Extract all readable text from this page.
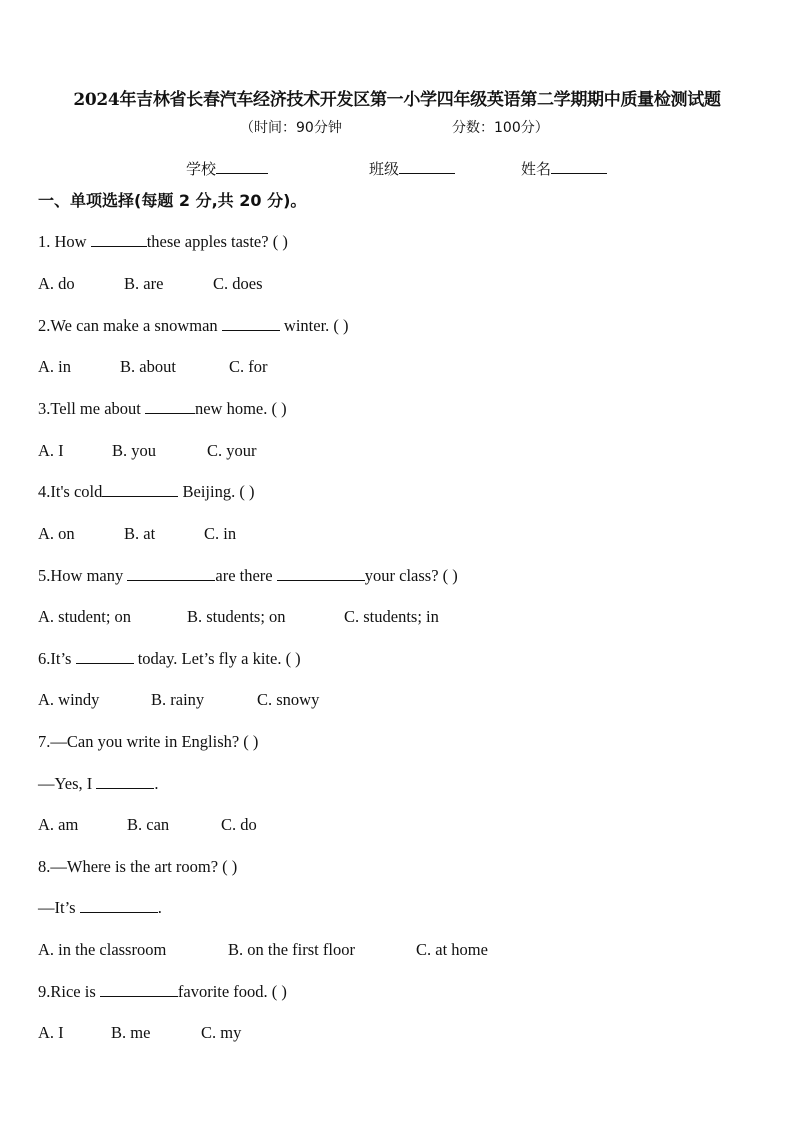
2024年吉林省长春汽车经济技术开发区第一小学四年级英语第二学期期中质量检测试题
（时间：90分钟	分数：100分）
学校	班级	姓名
一、单项选择(每题 2 分,共 20 分)。
1. How	these apples taste? ( )
A. do	B. are	C. does
2.We can make a snowman	winter. ( )
A. in	B. about	C. for
3.Tell me about	new home. ( )
A. I	B. you	C. your
4.It's cold	Beijing. ( )
A. on	B. at	C. in
5.How many	are there	your class? ( )
A. student; on	B. students; on	C. students; in
6.It’s	today. Let’s fly a kite. ( )
A. windy	B. rainy	C. snowy
7.—Can you write in English? ( )
—Yes, I	.
A. am	B. can	C. do
8.—Where is the art room? ( )
—It’s	.
A. in the classroom	B. on the first floor	C. at home
9.Rice is	favorite food. ( )
A. I	B. me	C. my
